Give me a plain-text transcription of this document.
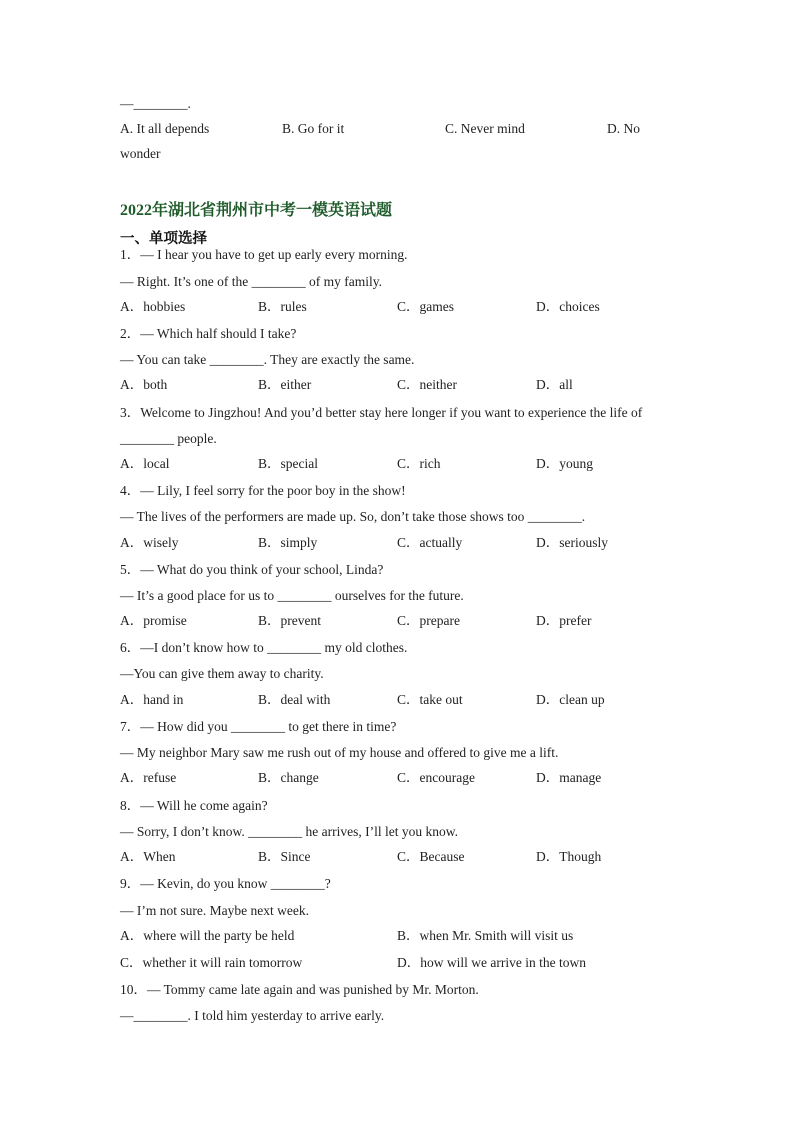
—________.
A. It all depends	B. Go for it	C. Never mind	D. No
wonder
2022年湖北省荆州市中考一模英语试题
一、单项选择
1．— I hear you have to get up early every morning.
— Right. It’s one of the ________ of my family.
A．hobbies	B．rules	C．games	D．choices
2．— Which half should I take?
— You can take ________. They are exactly the same.
A．both	B．either	C．neither	D．all
3．Welcome to Jingzhou! And you’d better stay here longer if you want to experience the life of
________ people.
A．local	B．special	C．rich	D．young
4．— Lily, I feel sorry for the poor boy in the show!
— The lives of the performers are made up. So, don’t take those shows too ________.
A．wisely	B．simply	C．actually	D．seriously
5．— What do you think of your school, Linda?
— It’s a good place for us to ________ ourselves for the future.
A．promise	B．prevent	C．prepare	D．prefer
6．—I don’t know how to ________ my old clothes.
—You can give them away to charity.
A．hand in	B．deal with	C．take out	D．clean up
7．— How did you ________ to get there in time?
— My neighbor Mary saw me rush out of my house and offered to give me a lift.
A．refuse	B．change	C．encourage	D．manage
8．— Will he come again?
— Sorry, I don’t know. ________ he arrives, I’ll let you know.
A．When	B．Since	C．Because	D．Though
9．— Kevin, do you know ________?
— I’m not sure. Maybe next week.
A．where will the party be held	B．when Mr. Smith will visit us
C．whether it will rain tomorrow	D．how will we arrive in the town
10．— Tommy came late again and was punished by Mr. Morton.
—________. I told him yesterday to arrive early.
